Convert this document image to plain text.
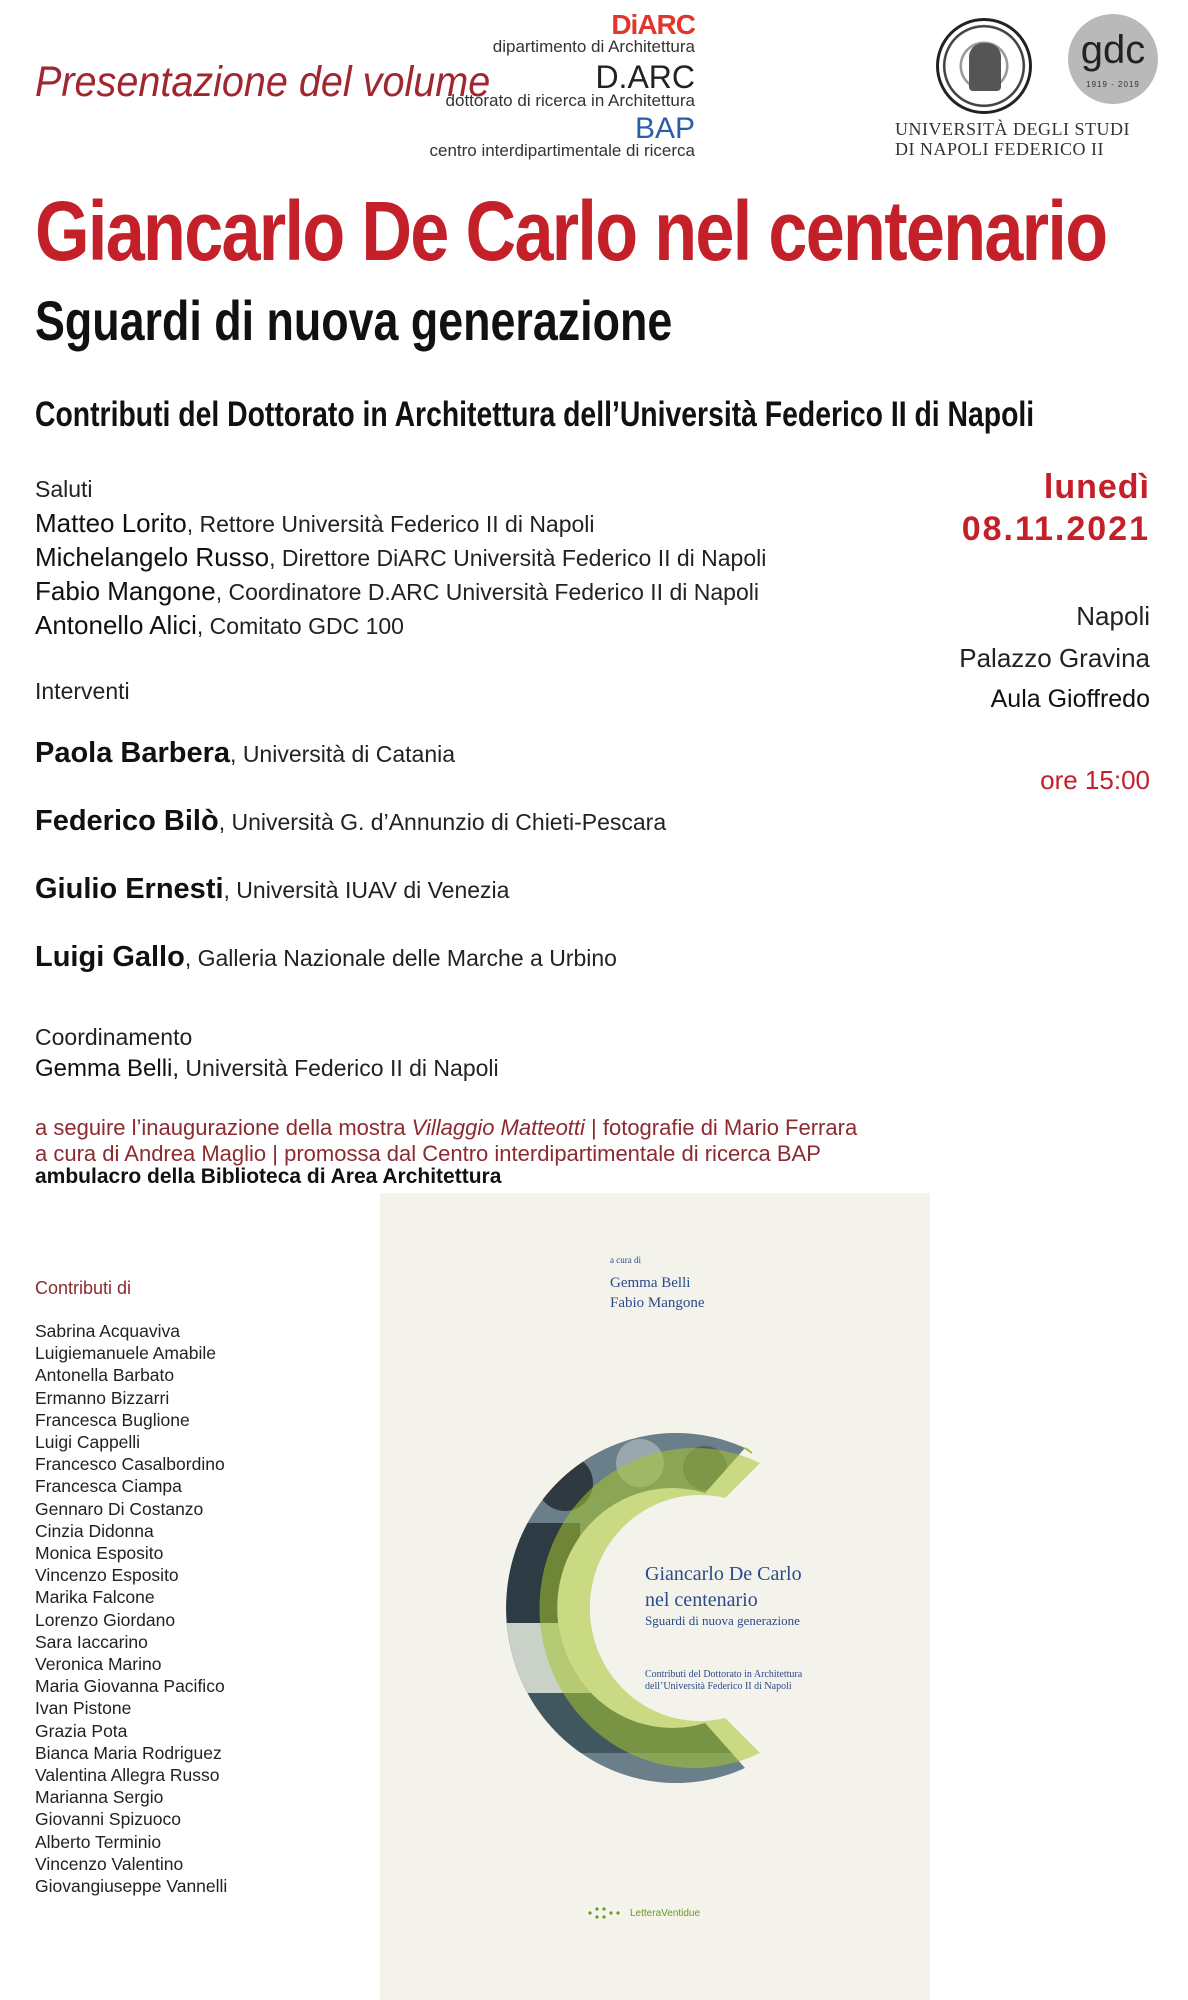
Presentazione del volume
DiARC
dipartimento di Architettura
D.ARC
dottorato di ricerca in Architettura
BAP
centro interdipartimentale di ricerca
UNIVERSITÀ DEGLI STUDI
DI NAPOLI FEDERICO II
gdc
1919 - 2019
Giancarlo De Carlo nel centenario
Sguardi di nuova generazione
Contributi del Dottorato in Architettura dell’Università Federico II di Napoli
Saluti
Matteo Lorito, Rettore Università Federico II di Napoli
Michelangelo Russo, Direttore DiARC Università Federico II di Napoli
Fabio Mangone, Coordinatore D.ARC Università Federico II di Napoli
Antonello Alici, Comitato GDC 100
Interventi
Paola Barbera, Università di Catania
Federico Bilò, Università G. d’Annunzio di Chieti-Pescara
Giulio Ernesti, Università IUAV di Venezia
Luigi Gallo, Galleria Nazionale delle Marche a Urbino
Coordinamento
Gemma Belli, Università Federico II di Napoli
lunedì
08.11.2021
Napoli
Palazzo Gravina
Aula Gioffredo
ore 15:00
a seguire l’inaugurazione della mostra Villaggio Matteotti | fotografie di Mario Ferrara
a cura di Andrea Maglio | promossa dal Centro interdipartimentale di ricerca BAP
ambulacro della Biblioteca di Area Architettura
Contributi di
Sabrina Acquaviva
Luigiemanuele Amabile
Antonella Barbato
Ermanno Bizzarri
Francesca Buglione
Luigi Cappelli
Francesco Casalbordino
Francesca Ciampa
Gennaro Di Costanzo
Cinzia Didonna
Monica Esposito
Vincenzo Esposito
Marika Falcone
Lorenzo Giordano
Sara Iaccarino
Veronica Marino
Maria Giovanna Pacifico
Ivan Pistone
Grazia Pota
Bianca Maria Rodriguez
Valentina Allegra Russo
Marianna Sergio
Giovanni Spizuoco
Alberto Terminio
Vincenzo Valentino
Giovangiuseppe Vannelli
a cura di
Gemma Belli
Fabio Mangone
Giancarlo De Carlo
nel centenario
Sguardi di nuova generazione
Contributi del Dottorato in Architettura dell’Università Federico II di Napoli
LetteraVentidue
